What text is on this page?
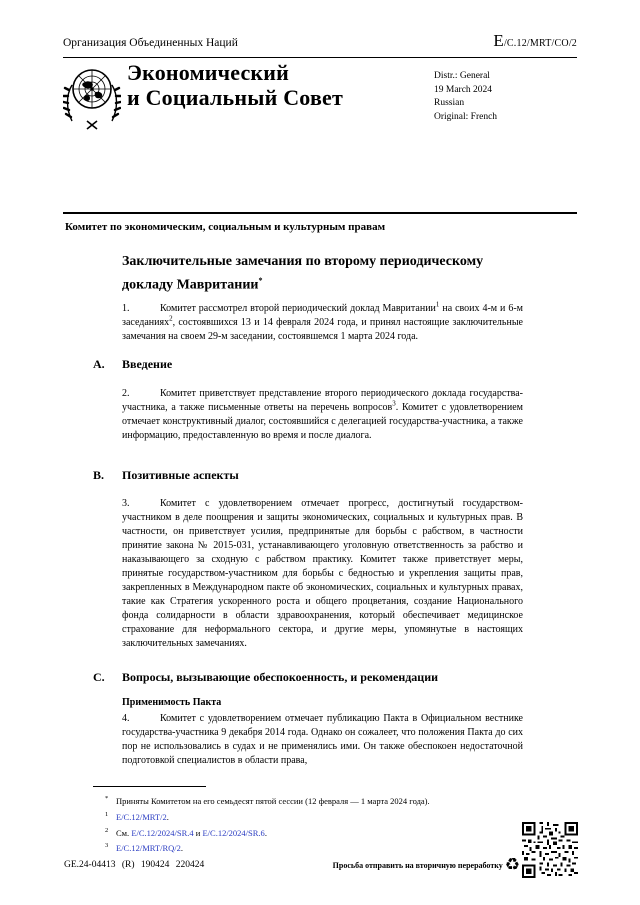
Организация Объединенных Наций	E/C.12/MRT/CO/2
Экономический
и Социальный Совет
Distr.: General
19 March 2024
Russian
Original: French
Комитет по экономическим, социальным и культурным правам
Заключительные замечания по второму периодическому докладу Мавритании*

1.	Комитет рассмотрел второй периодический доклад Мавритании$^1$ на своих 4-м и 6-м заседаниях$^2$, состоявшихся 13 и 14 февраля 2024 года, и принял настоящие заключительные замечания на своем 29-м заседании, состоявшемся 1 марта 2024 года.

A.	Введение

2.	Комитет приветствует представление второго периодического доклада государства-участника, а также письменные ответы на перечень вопросов$^3$. Комитет с удовлетворением отмечает конструктивный диалог, состоявшийся с делегацией государства-участника, а также информацию, предоставленную во время и после диалога.

B.	Позитивные аспекты

3.	Комитет с удовлетворением отмечает прогресс, достигнутый государством-участником в деле поощрения и защиты экономических, социальных и культурных прав. В частности, он приветствует усилия, предпринятые для борьбы с рабством, в частности принятие закона № 2015-031, устанавливающего уголовную ответственность за рабство и наказывающего за сходную с рабством практику. Комитет также приветствует меры, принятые государством-участником для борьбы с бедностью и укрепления защиты прав, закрепленных в Международном пакте об экономических, социальных и культурных правах, такие как Стратегия ускоренного роста и общего процветания, создание Национального фонда солидарности в области здравоохранения, который обеспечивает медицинское страхование для неформального сектора, и другие меры, упомянутые в настоящих заключительных замечаниях.

C.	Вопросы, вызывающие обеспокоенность, и рекомендации
Применимость Пакта

4.	Комитет с удовлетворением отмечает публикацию Пакта в Официальном вестнике государства-участника 9 декабря 2014 года. Однако он сожалеет, что положения Пакта до сих пор не использовались в судах и не применялись ими. Он также обеспокоен недостаточной подготовкой специалистов в области права,

* Приняты Комитетом на его семьдесят пятой сессии (12 февраля — 1 марта 2024 года).
$^1$ E/C.12/MRT/2.
$^2$ См. E/C.12/2024/SR.4 и E/C.12/2024/SR.6.
$^3$ E/C.12/MRT/RQ/2.
GE.24-04413 (R) 190424 220424	Просьба отправить на вторичную переработку ♻
